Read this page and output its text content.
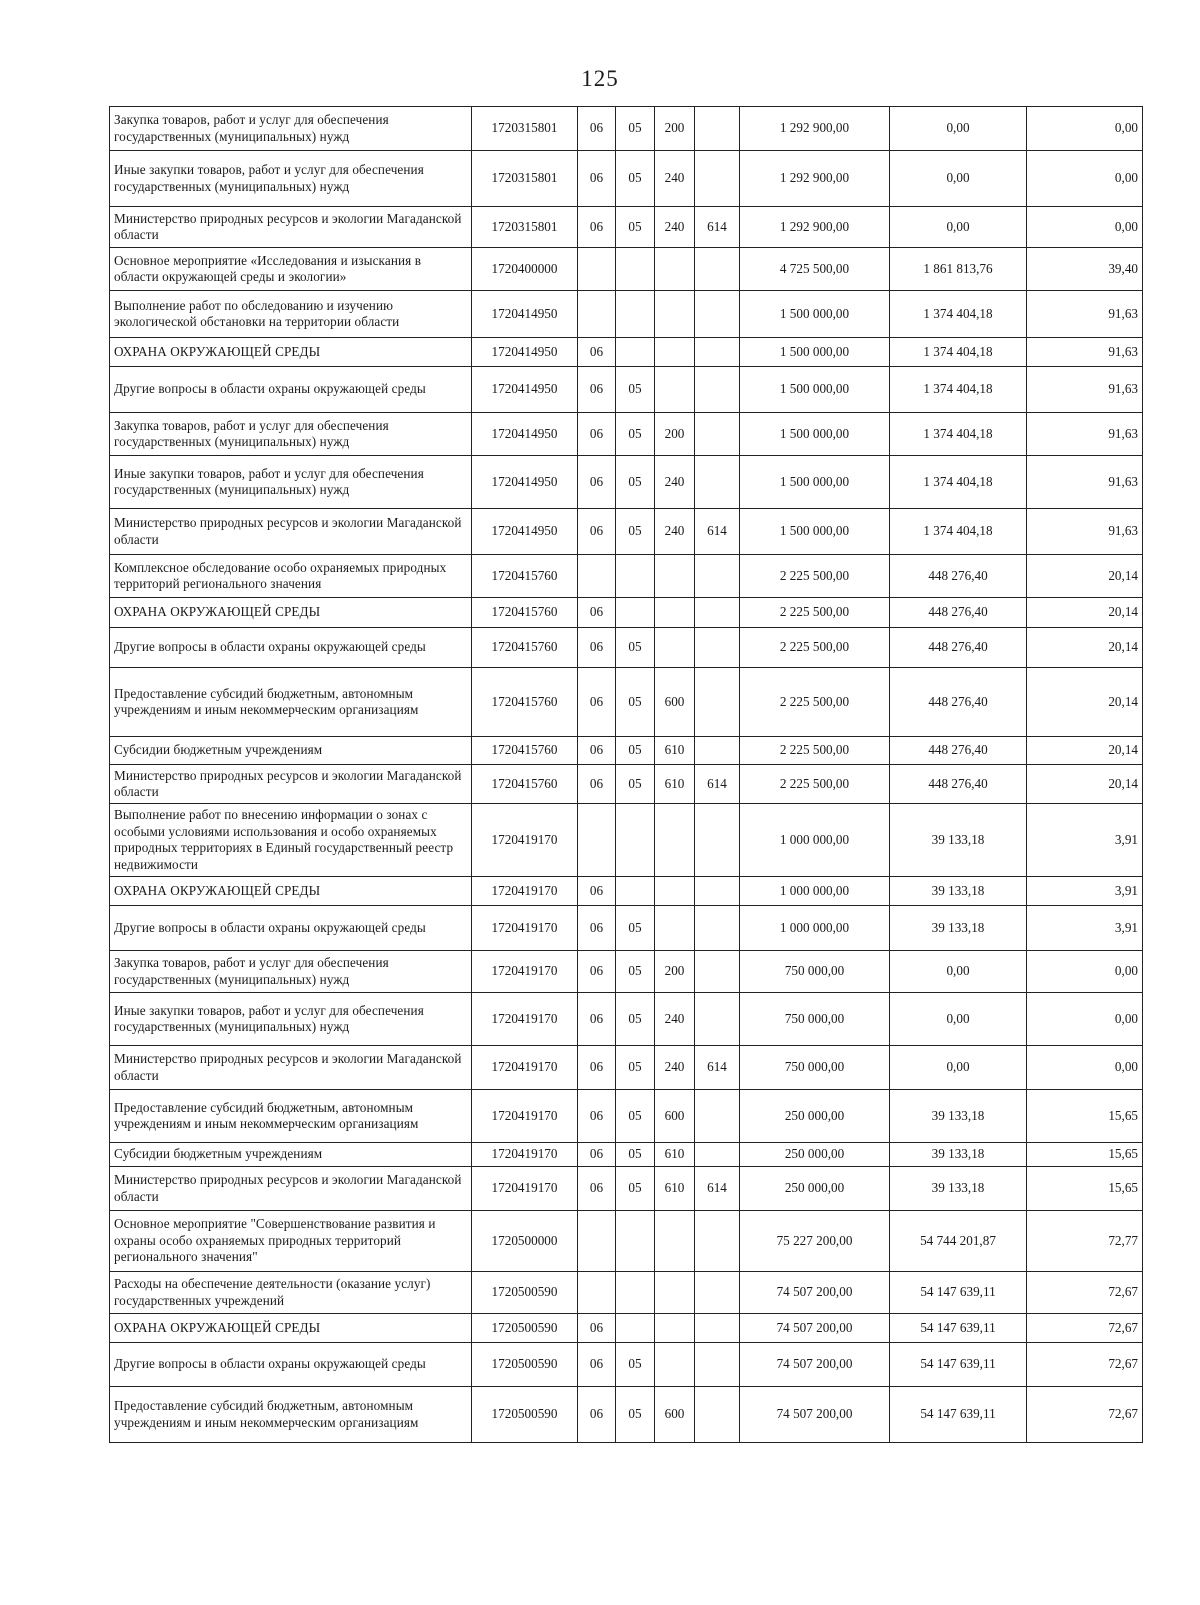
125
Закупка товаров, работ и услуг для обеспечения государственных (муниципальных) нужд	1720315801	06	05	200		1 292 900,00	0,00	0,00
Иные закупки товаров, работ и услуг для обеспечения государственных (муниципальных) нужд	1720315801	06	05	240		1 292 900,00	0,00	0,00
Министерство природных ресурсов и экологии Магаданской области	1720315801	06	05	240	614	1 292 900,00	0,00	0,00
Основное мероприятие «Исследования и изыскания в области окружающей среды и экологии»	1720400000					4 725 500,00	1 861 813,76	39,40
Выполнение работ по обследованию и изучению экологической обстановки на территории области	1720414950					1 500 000,00	1 374 404,18	91,63
ОХРАНА ОКРУЖАЮЩЕЙ СРЕДЫ	1720414950	06				1 500 000,00	1 374 404,18	91,63
Другие вопросы в области охраны окружающей среды	1720414950	06	05			1 500 000,00	1 374 404,18	91,63
Закупка товаров, работ и услуг для обеспечения государственных (муниципальных) нужд	1720414950	06	05	200		1 500 000,00	1 374 404,18	91,63
Иные закупки товаров, работ и услуг для обеспечения государственных (муниципальных) нужд	1720414950	06	05	240		1 500 000,00	1 374 404,18	91,63
Министерство природных ресурсов и экологии Магаданской области	1720414950	06	05	240	614	1 500 000,00	1 374 404,18	91,63
Комплексное обследование особо охраняемых природных территорий регионального значения	1720415760					2 225 500,00	448 276,40	20,14
ОХРАНА ОКРУЖАЮЩЕЙ СРЕДЫ	1720415760	06				2 225 500,00	448 276,40	20,14
Другие вопросы в области охраны окружающей среды	1720415760	06	05			2 225 500,00	448 276,40	20,14
Предоставление субсидий бюджетным, автономным учреждениям и иным некоммерческим организациям	1720415760	06	05	600		2 225 500,00	448 276,40	20,14
Субсидии бюджетным учреждениям	1720415760	06	05	610		2 225 500,00	448 276,40	20,14
Министерство природных ресурсов и экологии Магаданской области	1720415760	06	05	610	614	2 225 500,00	448 276,40	20,14
Выполнение работ по внесению информации о зонах с особыми условиями использования и особо охраняемых природных территориях в Единый государственный реестр недвижимости	1720419170					1 000 000,00	39 133,18	3,91
ОХРАНА ОКРУЖАЮЩЕЙ СРЕДЫ	1720419170	06				1 000 000,00	39 133,18	3,91
Другие вопросы в области охраны окружающей среды	1720419170	06	05			1 000 000,00	39 133,18	3,91
Закупка товаров, работ и услуг для обеспечения государственных (муниципальных) нужд	1720419170	06	05	200		750 000,00	0,00	0,00
Иные закупки товаров, работ и услуг для обеспечения государственных (муниципальных) нужд	1720419170	06	05	240		750 000,00	0,00	0,00
Министерство природных ресурсов и экологии Магаданской области	1720419170	06	05	240	614	750 000,00	0,00	0,00
Предоставление субсидий бюджетным, автономным учреждениям и иным некоммерческим организациям	1720419170	06	05	600		250 000,00	39 133,18	15,65
Субсидии бюджетным учреждениям	1720419170	06	05	610		250 000,00	39 133,18	15,65
Министерство природных ресурсов и экологии Магаданской области	1720419170	06	05	610	614	250 000,00	39 133,18	15,65
Основное мероприятие "Совершенствование развития и охраны особо охраняемых природных территорий регионального значения"	1720500000					75 227 200,00	54 744 201,87	72,77
Расходы на обеспечение деятельности (оказание услуг) государственных учреждений	1720500590					74 507 200,00	54 147 639,11	72,67
ОХРАНА ОКРУЖАЮЩЕЙ СРЕДЫ	1720500590	06				74 507 200,00	54 147 639,11	72,67
Другие вопросы в области охраны окружающей среды	1720500590	06	05			74 507 200,00	54 147 639,11	72,67
Предоставление субсидий бюджетным, автономным учреждениям и иным некоммерческим организациям	1720500590	06	05	600		74 507 200,00	54 147 639,11	72,67
